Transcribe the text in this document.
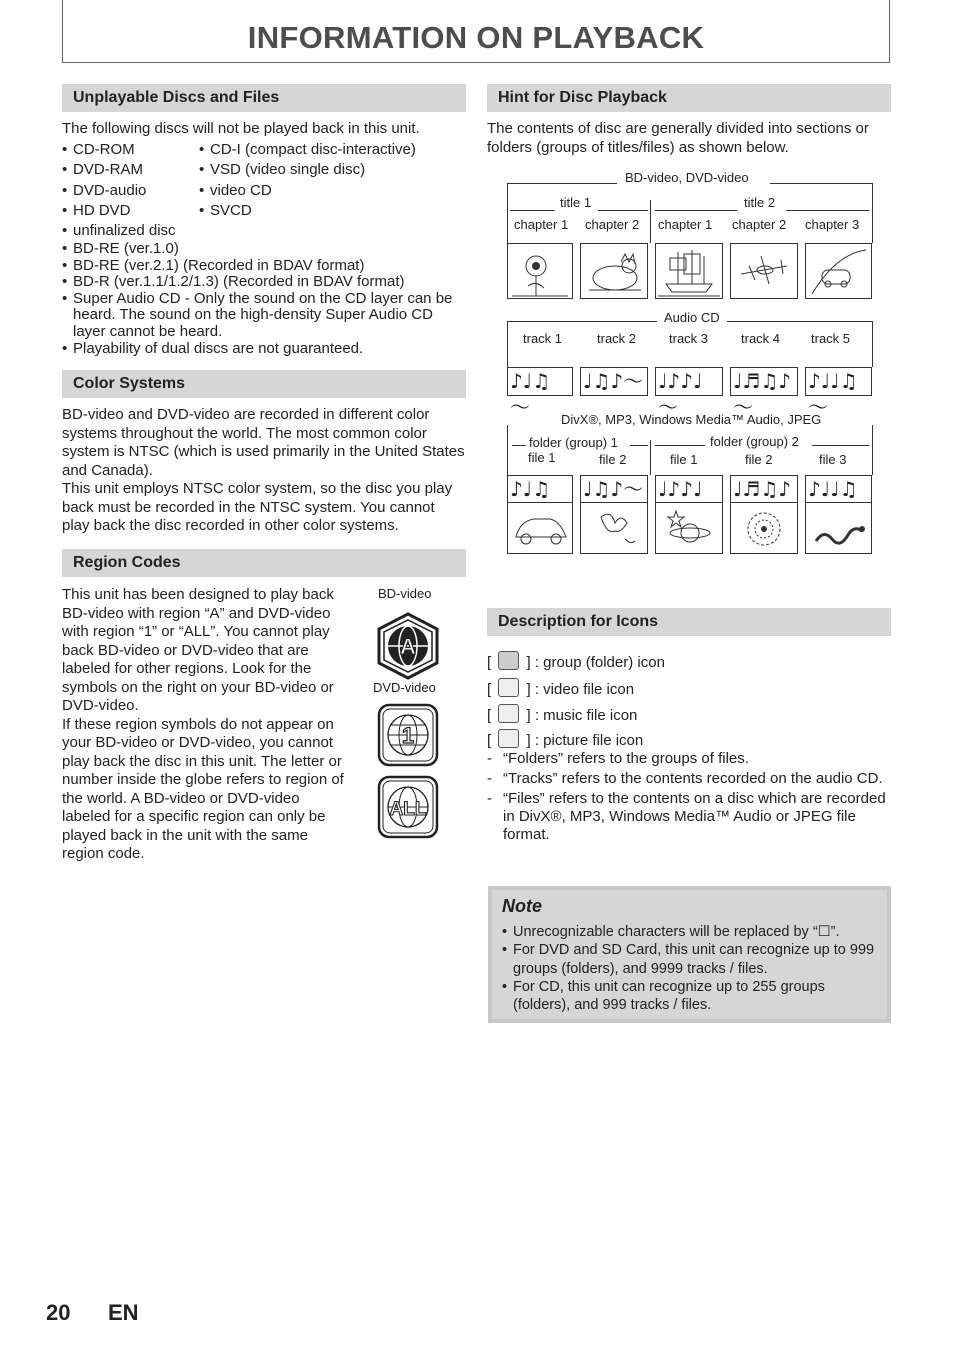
INFORMATION ON PLAYBACK
Unplayable Discs and Files
The following discs will not be played back in this unit.
• CD-ROM
• DVD-RAM
• DVD-audio
• HD DVD
• CD-I (compact disc-interactive)
• VSD (video single disc)
• video CD
• SVCD
• unfinalized disc
• BD-RE (ver.1.0)
• BD-RE (ver.2.1) (Recorded in BDAV format)
• BD-R (ver.1.1/1.2/1.3) (Recorded in BDAV format)
• Super Audio CD - Only the sound on the CD layer can be heard. The sound on the high-density Super Audio CD layer cannot be heard.
• Playability of dual discs are not guaranteed.
Color Systems
BD-video and DVD-video are recorded in different color systems throughout the world. The most common color system is NTSC (which is used primarily in the United States and Canada).
This unit employs NTSC color system, so the disc you play back must be recorded in the NTSC system. You cannot play back the disc recorded in other color systems.
Region Codes
This unit has been designed to play back BD-video with region “A” and DVD-video with region “1” or “ALL”. You cannot play back BD-video or DVD-video that are labeled for other regions. Look for the symbols on the right on your BD-video or DVD-video.
If these region symbols do not appear on your BD-video or DVD-video, you cannot play back the disc in this unit. The letter or number inside the globe refers to region of the world. A BD-video or DVD-video labeled for a specific region can only be played back in the unit with the same region code.
BD-video
A
DVD-video
1
ALL
Hint for Disc Playback
The contents of disc are generally divided into sections or folders (groups of titles/files) as shown below.
BD-video, DVD-video
title 1	title 2
chapter 1 chapter 2 chapter 1 chapter 2 chapter 3
Audio CD
track 1	track 2	track 3	track 4 track 5
♪♩♫ ～
♩♫♪～ ♩♪♪♩～
♩♬♫♪～
♪♩♩♫～
DivX®, MP3, Windows Media™ Audio, JPEG
folder (group) 1	folder (group) 2
file 1	file 2	file 1	file 2	file 3
♪♩♫	♩♫♪～ ♩♪♪♩	♩♬♫♪ ♪♩♩♫
Description for Icons
[ ] : group (folder) icon
[ ] : video file icon
[ ] : music file icon
[ ] : picture file icon
- “Folders” refers to the groups of files.
- “Tracks” refers to the contents recorded on the audio CD.
- “Files” refers to the contents on a disc which are recorded in DivX®, MP3, Windows Media™ Audio or JPEG file format.
Note
• Unrecognizable characters will be replaced by “☐”.
• For DVD and SD Card, this unit can recognize up to 999 groups (folders), and 9999 tracks / files.
• For CD, this unit can recognize up to 255 groups (folders), and 999 tracks / files.
20 EN
